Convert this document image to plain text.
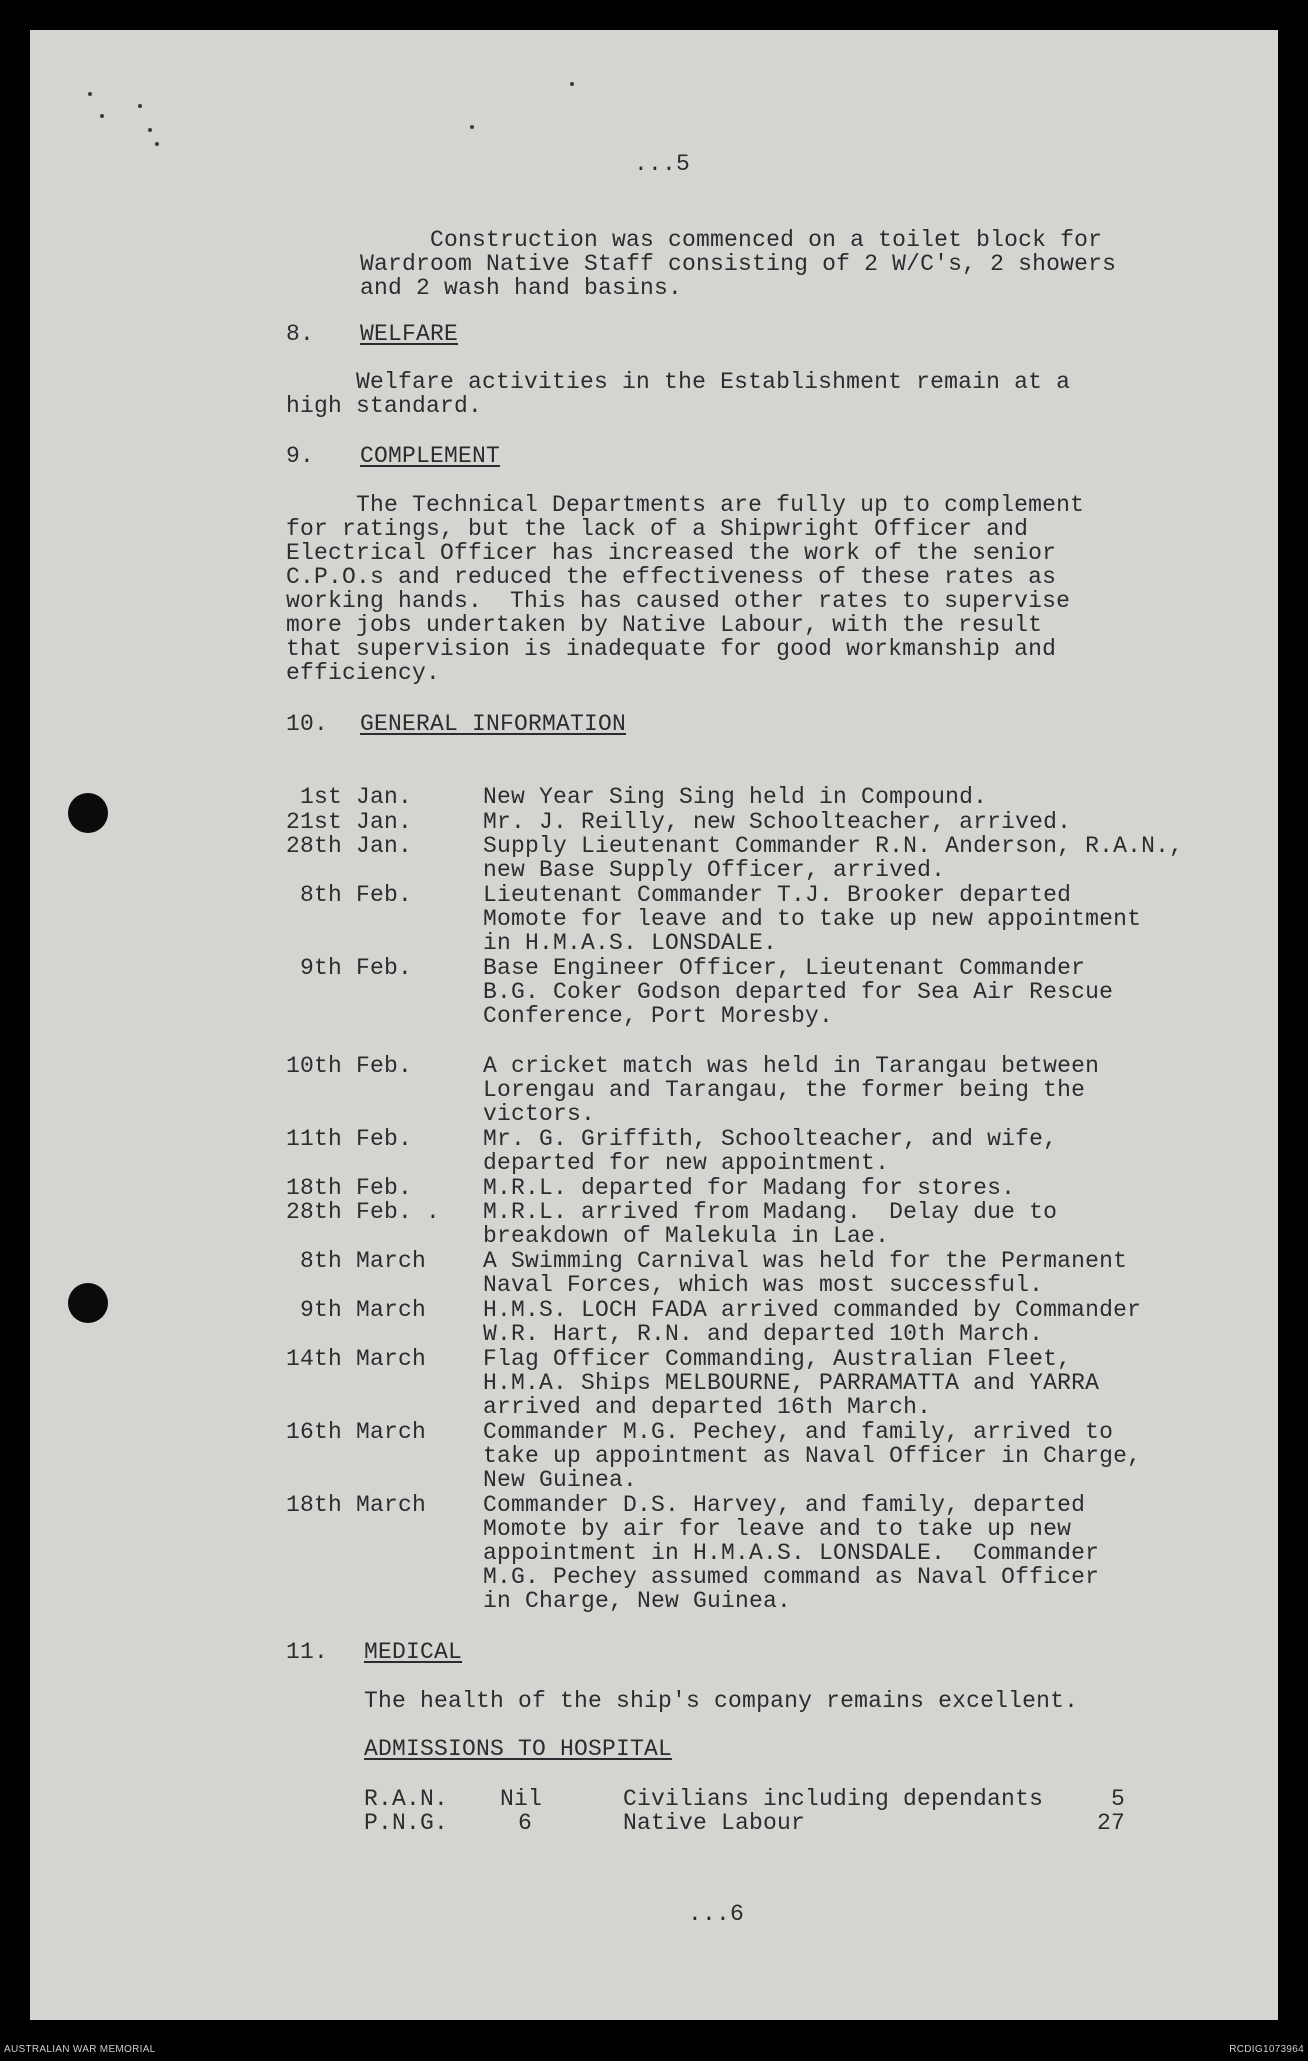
...5
Construction was commenced on a toilet block for
Wardroom Native Staff consisting of 2 W/C's, 2 showers
and 2 wash hand basins.
8. WELFARE
Welfare activities in the Establishment remain at a
high standard.
9. COMPLEMENT
The Technical Departments are fully up to complement
for ratings, but the lack of a Shipwright Officer and
Electrical Officer has increased the work of the senior
C.P.O.s and reduced the effectiveness of these rates as
working hands.  This has caused other rates to supervise
more jobs undertaken by Native Labour, with the result
that supervision is inadequate for good workmanship and
efficiency.
10. GENERAL INFORMATION
1st Jan.	New Year Sing Sing held in Compound.
21st Jan.	Mr. J. Reilly, new Schoolteacher, arrived.
28th Jan.	Supply Lieutenant Commander R.N. Anderson, R.A.N.,
new Base Supply Officer, arrived.
8th Feb.	Lieutenant Commander T.J. Brooker departed
Momote for leave and to take up new appointment
in H.M.A.S. LONSDALE.
9th Feb.	Base Engineer Officer, Lieutenant Commander
B.G. Coker Godson departed for Sea Air Rescue
Conference, Port Moresby.
10th Feb.	A cricket match was held in Tarangau between
Lorengau and Tarangau, the former being the
victors.
11th Feb.	Mr. G. Griffith, Schoolteacher, and wife,
departed for new appointment.
18th Feb.	M.R.L. departed for Madang for stores.
28th Feb. . M.R.L. arrived from Madang.  Delay due to
breakdown of Malekula in Lae.
8th March A Swimming Carnival was held for the Permanent
Naval Forces, which was most successful.
9th March H.M.S. LOCH FADA arrived commanded by Commander
W.R. Hart, R.N. and departed 10th March.
14th March Flag Officer Commanding, Australian Fleet,
H.M.A. Ships MELBOURNE, PARRAMATTA and YARRA
arrived and departed 16th March.
16th March Commander M.G. Pechey, and family, arrived to
take up appointment as Naval Officer in Charge,
New Guinea.
18th March Commander D.S. Harvey, and family, departed
Momote by air for leave and to take up new
appointment in H.M.A.S. LONSDALE.  Commander
M.G. Pechey assumed command as Naval Officer
in Charge, New Guinea.
11. MEDICAL
The health of the ship's company remains excellent.
ADMISSIONS TO HOSPITAL
R.A.N. Nil	Civilians including dependants	5
P.N.G.	6	Native Labour	27
...6
AUSTRALIAN WAR MEMORIAL	RCDIG1073964
